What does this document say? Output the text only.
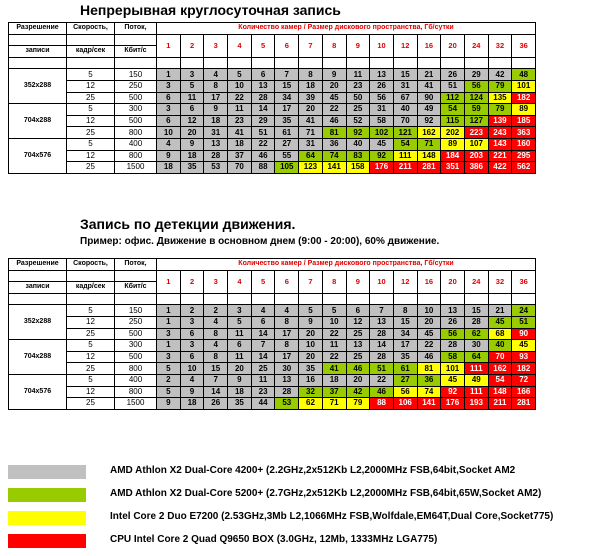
Непрерывная круглосуточная запись
Разрешение	Скорость,	Поток,	Количество камер / Размер дискового пространства, Гб/сутки															
			1	2	3	4	5	6	7	8	9	10	12	16	20	24	32	36
записи	кадр/сек	Кбит/с																

352x288	5	150	1	3	4	5	6	7	8	9	11	13	15	21	26	29	42	48
	12	250	3	5	8	10	13	15	18	20	23	26	31	41	51	56	79	101
	25	500	6	11	17	22	28	34	39	45	50	56	67	90	112	124	135	182
704x288	5	300	3	6	9	11	14	17	20	22	25	31	40	49	54	59	79	89
	12	500	6	12	18	23	29	35	41	46	52	58	70	92	115	127	139	185
	25	800	10	20	31	41	51	61	71	81	92	102	121	162	202	223	243	363
704x576	5	400	4	9	13	18	22	27	31	36	40	45	54	71	89	107	143	160
	12	800	9	18	28	37	46	55	64	74	83	92	111	148	184	203	221	295
	25	1500	18	35	53	70	88	105	123	141	158	176	211	281	351	386	422	562
Запись по детекции движения.
Пример: офис. Движение в основном днем (9:00 - 20:00), 60% движение.
Разрешение	Скорость,	Поток,	Количество камер / Размер дискового пространства, Гб/сутки															
			1	2	3	4	5	6	7	8	9	10	12	16	20	24	32	36
записи	кадр/сек	Кбит/с																

352x288	5	150	1	2	2	3	4	4	5	5	6	7	8	10	13	15	21	24
	12	250	1	3	4	5	6	8	9	10	12	13	15	20	26	28	45	51
	25	500	3	6	8	11	14	17	20	22	25	28	34	45	56	62	68	90
704x288	5	300	1	3	4	6	7	8	10	11	13	14	17	22	28	30	40	45
	12	500	3	6	8	11	14	17	20	22	25	28	35	46	58	64	70	93
	25	800	5	10	15	20	25	30	35	41	46	51	61	81	101	111	162	182
704x576	5	400	2	4	7	9	11	13	16	18	20	22	27	36	45	49	54	72
	12	800	5	9	14	18	23	28	32	37	42	46	56	74	92	111	148	166
	25	1500	9	18	26	35	44	53	62	71	79	88	106	141	176	193	211	281
AMD Athlon X2 Dual-Core 4200+ (2.2GHz,2x512Kb L2,2000MHz FSB,64bit,Socket AM2
AMD Athlon X2 Dual-Core 5200+ (2.7GHz,2x512Kb L2,2000MHz FSB,64bit,65W,Socket AM2)
Intel Core 2 Duo E7200 (2.53GHz,3Mb L2,1066MHz FSB,Wolfdale,EM64T,Dual Core,Socket775)
CPU Intel Core 2 Quad Q9650 BOX (3.0GHz, 12Mb, 1333MHz LGA775)
